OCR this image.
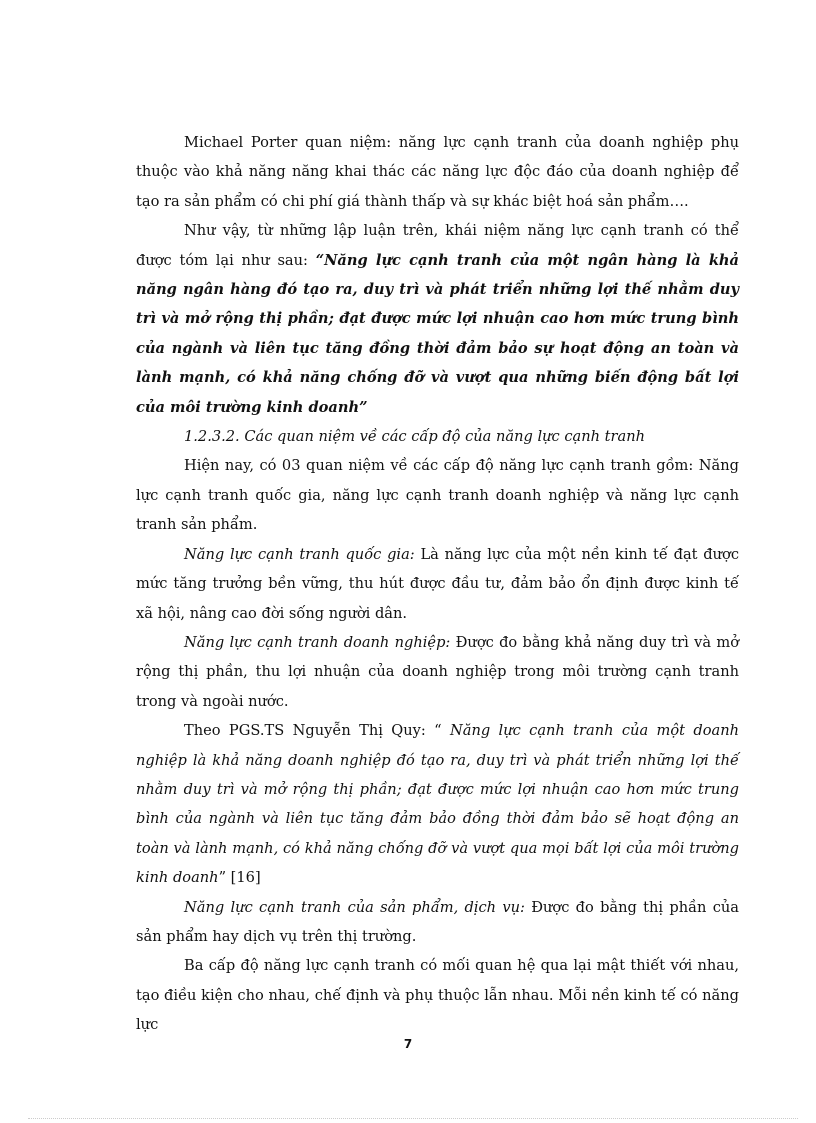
Michael Porter quan niệm: năng lực cạnh tranh của doanh nghiệp phụ thuộc vào khả năng năng khai thác các năng lực độc đáo của doanh nghiệp để tạo ra sản phẩm có chi phí giá thành thấp và sự khác biệt hoá sản phẩm….

Như vậy, từ những lập luận trên, khái niệm năng lực cạnh tranh có thể được tóm lại như sau: “Năng lực cạnh tranh của một ngân hàng là khả năng ngân hàng đó tạo ra, duy trì và phát triển những lợi thế nhằm duy trì và mở rộng thị phần; đạt được mức lợi nhuận cao hơn mức trung bình của ngành và liên tục tăng đồng thời đảm bảo sự hoạt động an toàn và lành mạnh, có khả năng chống đỡ và vượt qua những biến động bất lợi của môi trường kinh doanh”

1.2.3.2. Các quan niệm về các cấp độ của năng lực cạnh tranh

Hiện nay, có 03 quan niệm về các cấp độ năng lực cạnh tranh gồm: Năng lực cạnh tranh quốc gia, năng lực cạnh tranh doanh nghiệp và năng lực cạnh tranh sản phẩm.

Năng lực cạnh tranh quốc gia: Là năng lực của một nền kinh tế đạt được mức tăng trưởng bền vững, thu hút được đầu tư, đảm bảo ổn định được kinh tế xã hội, nâng cao đời sống người dân.

Năng lực cạnh tranh doanh nghiệp: Được đo bằng khả năng duy trì và mở rộng thị phần, thu lợi nhuận của doanh nghiệp trong môi trường cạnh tranh trong và ngoài nước.

Theo PGS.TS Nguyễn Thị Quy: “ Năng lực cạnh tranh của một doanh nghiệp là khả năng doanh nghiệp đó tạo ra, duy trì và phát triển những lợi thế nhằm duy trì và mở rộng thị phần; đạt được mức lợi nhuận cao hơn mức trung bình của ngành và liên tục tăng đảm bảo đồng thời đảm bảo sẽ hoạt động an toàn và lành mạnh, có khả năng chống đỡ và vượt qua mọi bất lợi của môi trường kinh doanh” [16]

Năng lực cạnh tranh của sản phẩm, dịch vụ: Được đo bằng thị phần của sản phẩm hay dịch vụ trên thị trường.

Ba cấp độ năng lực cạnh tranh có mối quan hệ qua lại mật thiết với nhau, tạo điều kiện cho nhau, chế định và phụ thuộc lẫn nhau. Mỗi nền kinh tế có năng lực

7
